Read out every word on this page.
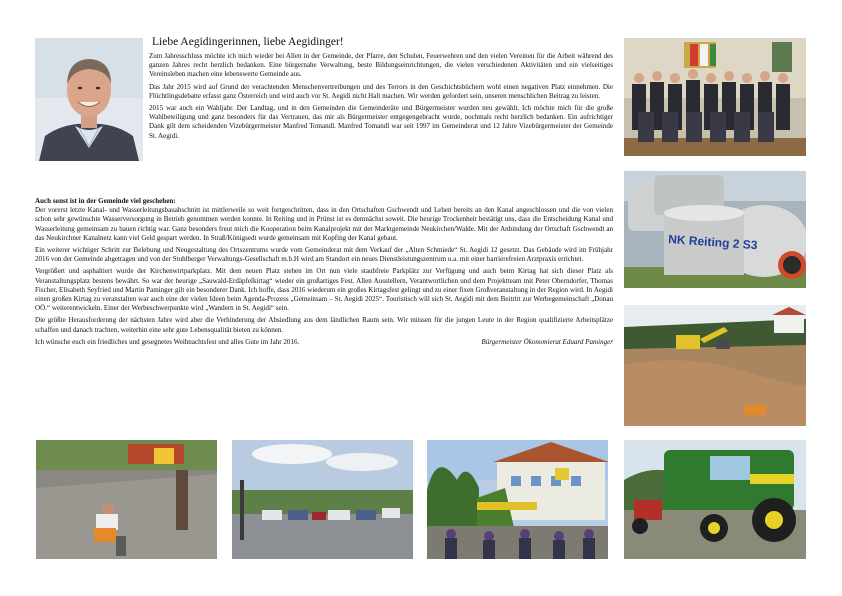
Liebe Aegidingerinnen, liebe Aegidinger!

Zum Jahresschluss möchte ich mich wieder bei Allen in der Gemeinde, der Pfarre, den Schulen, Feuerwehren und den vielen Vereinen für die Arbeit während des ganzen Jahres recht herzlich bedanken. Eine bürgernahe Verwaltung, beste Bildungseinrichtungen, die vielen verschiedenen Aktivitäten und ein vielseitiges Vereinsleben machen eine lebenswerte Gemeinde aus.

Das Jahr 2015 wird auf Grund der verachtenden Menschenvertreibungen und des Terrors in den Geschichtsbüchern wohl einen negativen Platz einnehmen. Die Flüchtlingsdebatte erfasst ganz Österreich und wird auch vor St. Aegidi nicht Halt machen. Wir werden gefordert sein, unseren menschlichen Beitrag zu leisten.

2015 war auch ein Wahljahr. Der Landtag, und in den Gemeinden die Gemeinderäte und Bürgermeister wurden neu gewählt. Ich möchte mich für die große Wahlbeteiligung und ganz besonders für das Vertrauen, das mir als Bürgermeister entgegengebracht wurde, nochmals recht herzlich bedanken. Ein aufrichtiger Dank gilt dem scheidenden Vizebürgermeister Manfred Tomandl. Manfred Tomandl war seit 1997 im Gemeinderat und 12 Jahre Vizebürgermeister der Gemeinde St. Aegidi.

Auch sonst ist in der Gemeinde viel geschehen:

Der vorerst letzte Kanal- und Wasserleitungsbauabschnitt ist mittlerweile so weit fortgeschritten, dass in den Ortschaften Gschwendt und Lehen bereits an den Kanal angeschlossen und die von vielen schon sehr gewünschte Wasserversorgung in Betrieb genommen werden konnte. In Reiting und in Prünst ist es demnächst soweit. Die heurige Trockenheit bestätigt uns, dass die Entscheidung Kanal und Wasserleitung gemeinsam zu bauen richtig war. Ganz besonders freut mich die Kooperation beim Kanalprojekt mit der Marktgemeinde Neukirchen/Walde. Mit der Anbindung der Ortschaft Gschwendt an das Neukirchner Kanalnetz kann viel Geld gespart werden. In Straß/Königsedt wurde gemeinsam mit Kopfing der Kanal gebaut.

Ein weiterer wichtiger Schritt zur Belebung und Neugestaltung des Ortszentrums wurde vom Gemeinderat mit dem Verkauf der „Alten Schmiede“ St. Aegidi 12 gesetzt. Das Gebäude wird im Frühjahr 2016 von der Gemeinde abgetragen und von der Stuhlberger Verwaltungs-Gesellschaft m.b.H wird am Standort ein neues Dienstleistungszentrum u.a. mit einer barrierefreien Arztpraxis errichtet.

Vergrößert und asphaltiert wurde der Kirchenwirtparkplatz. Mit dem neuen Platz stehen im Ort nun viele staubfreie Parkplätz zur Verfügung und auch beim Kirtag hat sich dieser Platz als Veranstaltungsplatz bestens bewährt. So war der heurige „Sauwald-Erdäpfelkirtag“ wieder ein großartiges Fest. Allen Ausstellern, Verantwortlichen und dem Projektteam mit Peter Oberndorfer, Thomas Fischer, Elisabeth Seyfried und Martin Paminger gilt ein besonderer Dank. Ich hoffe, dass 2016 wiederum ein großes Kirtagsfest gelingt und zu einer fixen Großveranstaltung in der Region wird. In Aegidi einen großen Kirtag zu veranstalten war auch eine der vielen Ideen beim Agenda-Prozess „Gemeinsam – St. Aegidi 2025“. Touristisch will sich St. Aegidi mit dem Beitritt zur Werbegemeinschaft „Donau OÖ.“ weiterentwickeln. Einer der Werbeschwerpunkte wird „Wandern in St. Aegidi“ sein.

Die größte Herausforderung der nächsten Jahre wird aber die Verhinderung der Absiedlung aus dem ländlichen Raum sein. Wir müssen für die jungen Leute in der Region qualifizierte Arbeitsplätze schaffen und danach trachten, weiterhin eine sehr gute Lebensqualität bieten zu können.

Ich wünsche euch ein friedliches und gesegnetes Weihnachtsfest und alles Gute im Jahr 2016.	Bürgermeister Ökonomierat Eduard Paminger

NK Reiting 2 S3
